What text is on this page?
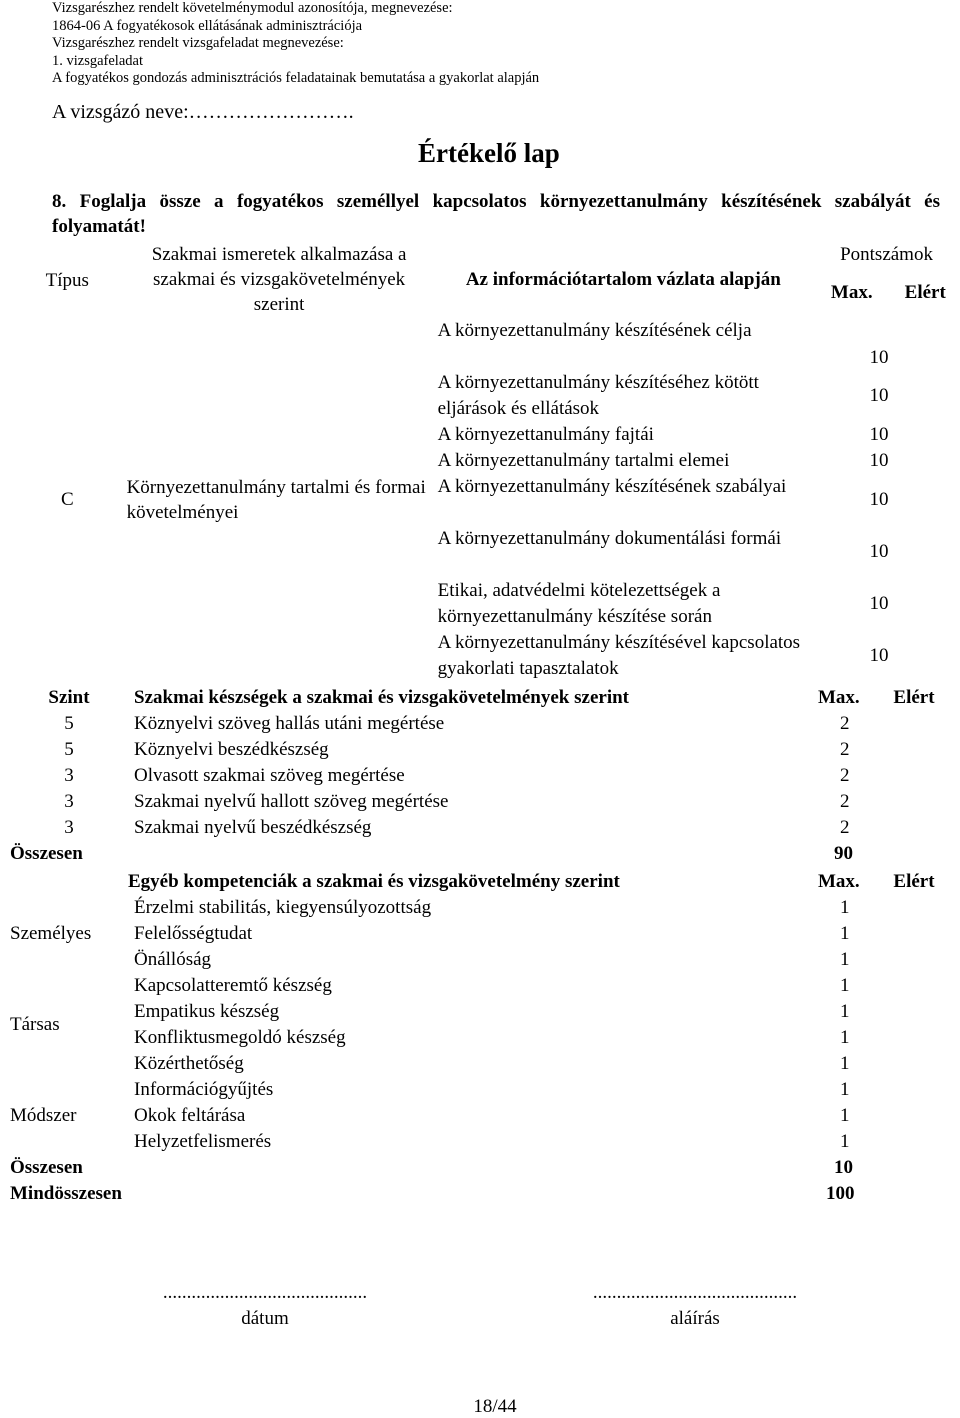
Vizsgarészhez rendelt követelménymodul azonosítója, megnevezése:
1864-06 A fogyatékosok ellátásának adminisztrációja
Vizsgarészhez rendelt vizsgafeladat megnevezése:
1. vizsgafeladat
A fogyatékos gondozás adminisztrációs feladatainak bemutatása a gyakorlat alapján
A vizsgázó neve:…………………….
Értékelő lap
8. Foglalja össze a fogyatékos személlyel kapcsolatos környezettanulmány készítésének szabályát és folyamatát!
Típus	Szakmai ismeretek alkalmazása a szakmai és vizsgakövetelmények szerint	Az információtartalom vázlata alapján	Pontszámok	

			Max.	Elért
C	Környezettanulmány tartalmi és formai követelményei	A környezettanulmány készítésének célja	10	
		A környezettanulmány készítéséhez kötött eljárások és ellátások	10	
		A környezettanulmány fajtái	10	
		A környezettanulmány tartalmi elemei	10	
		A környezettanulmány készítésének szabályai	10	
		A környezettanulmány dokumentálási formái	10	
		Etikai, adatvédelmi kötelezettségek a környezettanulmány készítése során	10	
		A környezettanulmány készítésével kapcsolatos gyakorlati tapasztalatok	10	
Szint	Szakmai készségek a szakmai és vizsgakövetelmények szerint	Max.	Elért
5	Köznyelvi szöveg hallás utáni megértése	2	
5	Köznyelvi beszédkészség	2	
3	Olvasott szakmai szöveg megértése	2	
3	Szakmai nyelvű hallott szöveg megértése	2	
3	Szakmai nyelvű beszédkészség	2	
Összesen		90	
	Egyéb kompetenciák a szakmai és vizsgakövetelmény szerint	Max.	Elért
Személyes	Érzelmi stabilitás, kiegyensúlyozottság	1	
	Felelősségtudat	1	
	Önállóság	1	
Társas	Kapcsolatteremtő készség	1	
	Empatikus készség	1	
	Konfliktusmegoldó készség	1	
	Közérthetőség	1	
Módszer	Információgyűjtés	1	
	Okok feltárása	1	
	Helyzetfelismerés	1	
Összesen		10	
Mindösszesen		100	
...........................................
dátum
...........................................
aláírás
18/44
